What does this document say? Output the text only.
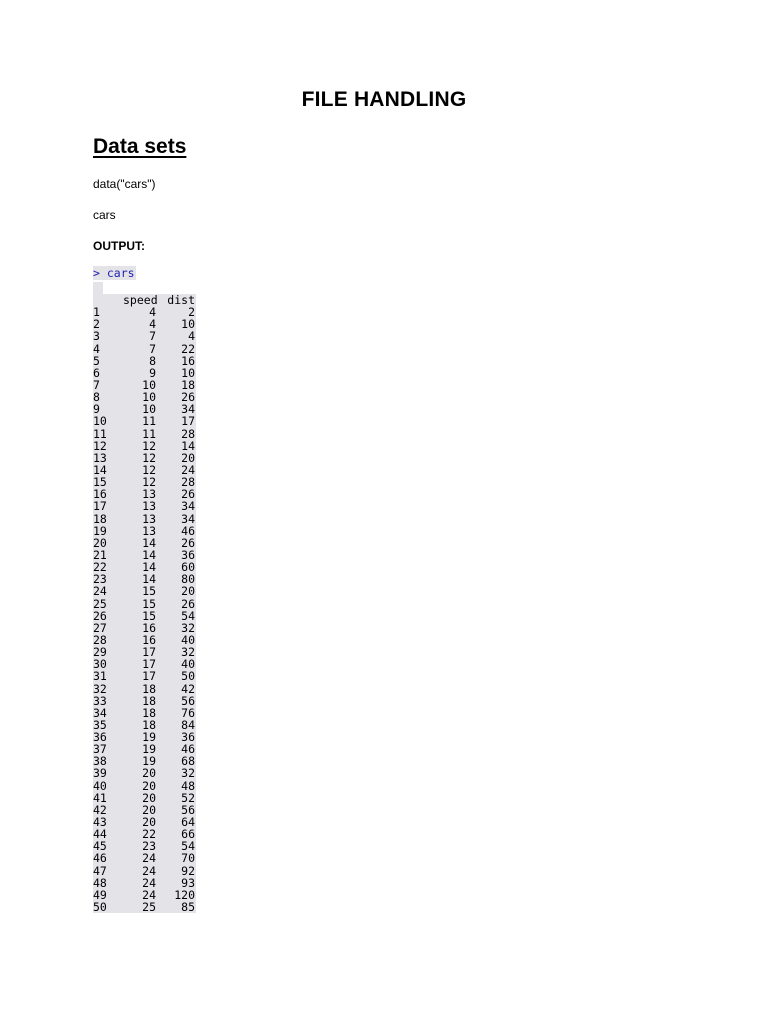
FILE HANDLING
Data sets
data("cars")
cars
OUTPUT:
> cars
speed dist
1	4	2
2	4	10
3	7	4
4	7	22
5	8	16
6	9	10
7	10	18
8	10	26
9	10	34
10	11	17
11	11	28
12	12	14
13	12	20
14	12	24
15	12	28
16	13	26
17	13	34
18	13	34
19	13	46
20	14	26
21	14	36
22	14	60
23	14	80
24	15	20
25	15	26
26	15	54
27	16	32
28	16	40
29	17	32
30	17	40
31	17	50
32	18	42
33	18	56
34	18	76
35	18	84
36	19	36
37	19	46
38	19	68
39	20	32
40	20	48
41	20	52
42	20	56
43	20	64
44	22	66
45	23	54
46	24	70
47	24	92
48	24	93
49	24	120
50	25	85
